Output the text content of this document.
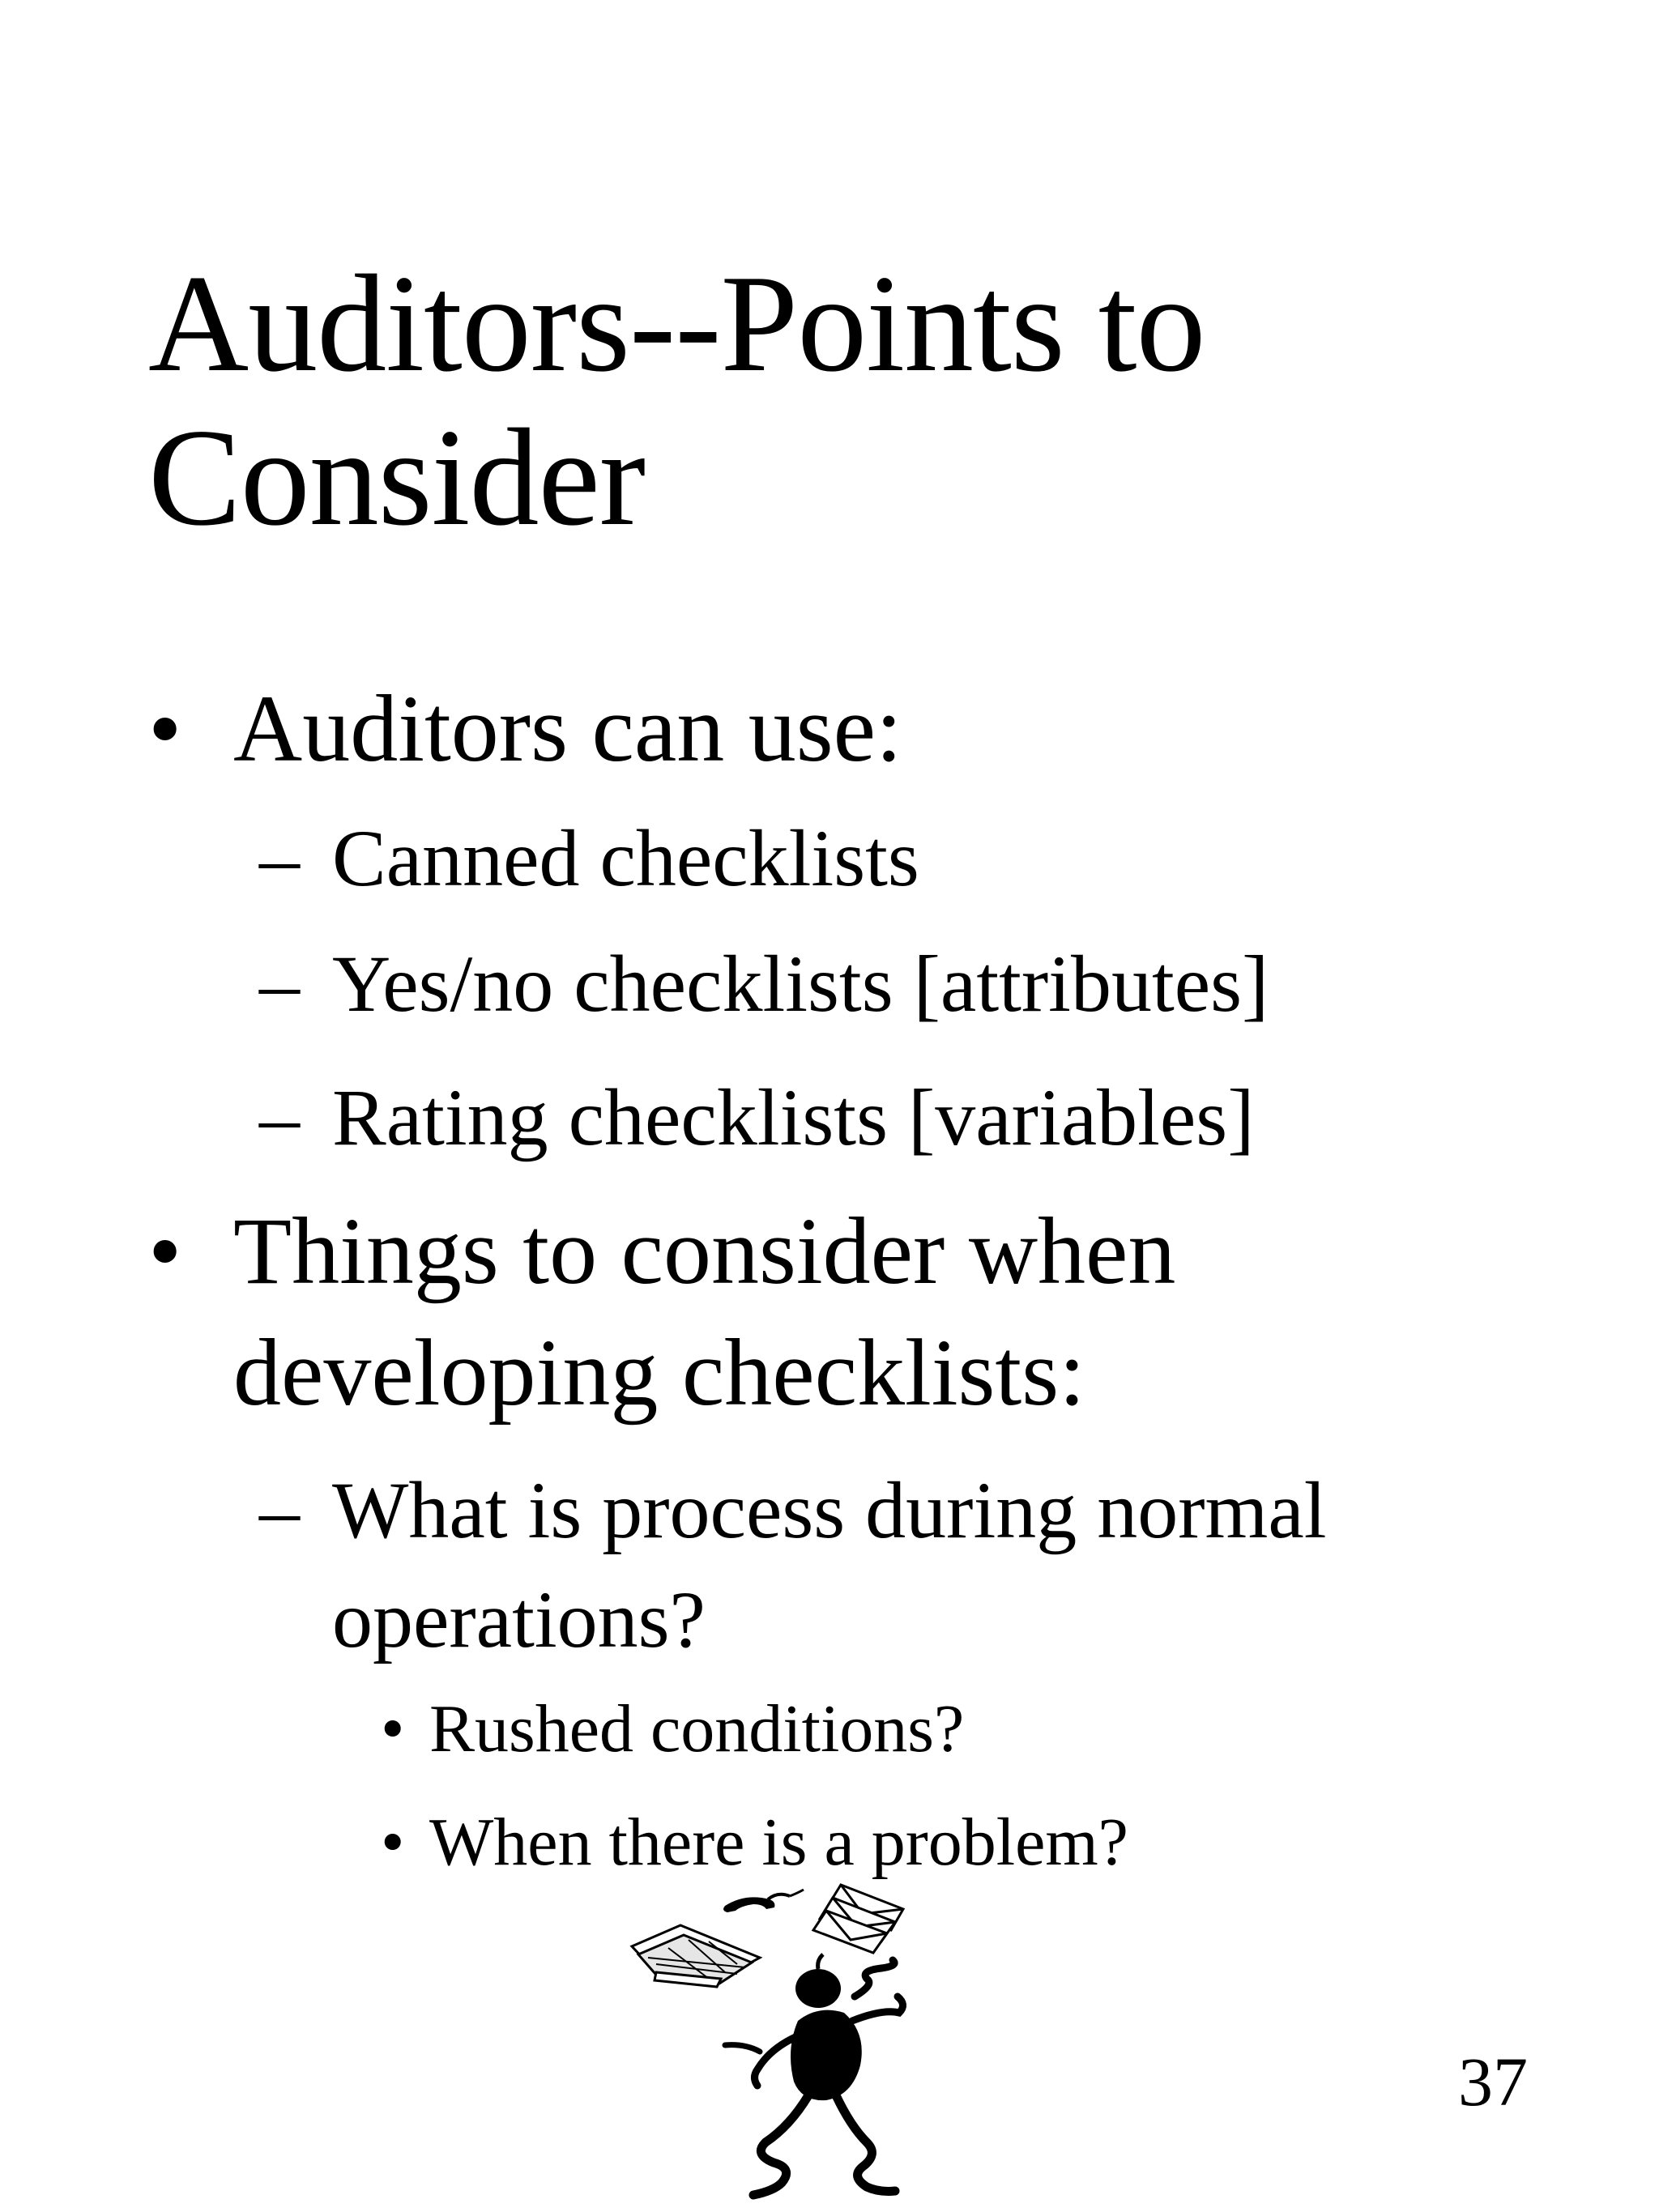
Auditors--Points to Consider
• Auditors can use:
– Canned checklists
– Yes/no checklists [attributes]
– Rating checklists [variables]
• Things to consider when
developing checklists:
– What is process during normal
operations?
• Rushed conditions?
• When there is a problem?
37
